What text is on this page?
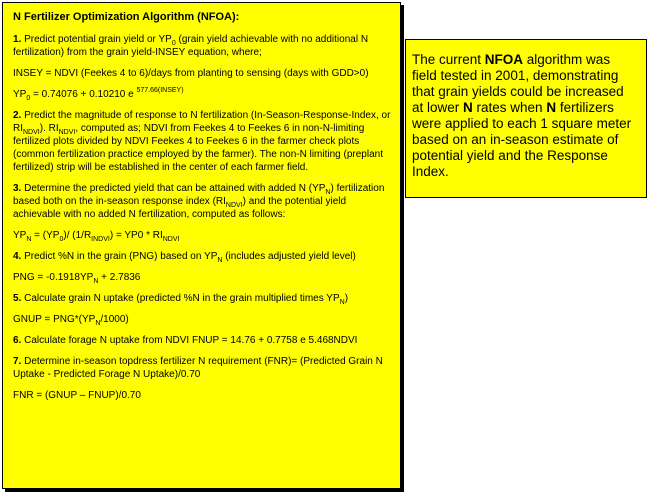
N Fertilizer Optimization Algorithm (NFOA):

1. Predict potential grain yield or $YP_0$ (grain yield achievable with no additional N fertilization) from the grain yield-INSEY equation, where;

INSEY = NDVI (Feekes 4 to 6)/days from planting to sensing (days with GDD>0)

$YP_0 = 0.74076 + 0.10210$ e $^{577.66(INSEY)}$

2. Predict the magnitude of response to N fertilization (In-Season-Response-Index, or $RI_{NDVI}$). $RI_{NDVI}$, computed as; NDVI from Feekes 4 to Feekes 6 in non-N-limiting fertilized plots divided by NDVI Feekes 4 to Feekes 6 in the farmer check plots (common fertilization practice employed by the farmer). The non-N limiting (preplant fertilized) strip will be established in the center of each farmer field.

3. Determine the predicted yield that can be attained with added N $(YP_N)$ fertilization based both on the in-season response index $(RI_{NDVI})$ and the potential yield achievable with no added N fertilization, computed as follows:

$YP_N = (YP_0)/$ $(1/R_{INDVI}) = YP0 * RI_{NDVI}$

4. Predict %N in the grain (PNG) based on $YP_N$ (includes adjusted yield level)

PNG = $-0.1918YP_N + 2.7836$

5. Calculate grain N uptake (predicted %N in the grain multiplied times $YP_N$)

GNUP = $PNG*(YP_N/1000)$

6. Calculate forage N uptake from NDVI FNUP = 14.76 + 0.7758 e 5.468NDVI

7. Determine in-season topdress fertilizer N requirement (FNR)= (Predicted Grain N Uptake - Predicted Forage N Uptake)/0.70

FNR = (GNUP – FNUP)/0.70

The current NFOA algorithm was field tested in 2001, demonstrating that grain yields could be increased at lower N rates when N fertilizers were applied to each 1 square meter based on an in-season estimate of potential yield and the Response Index.
